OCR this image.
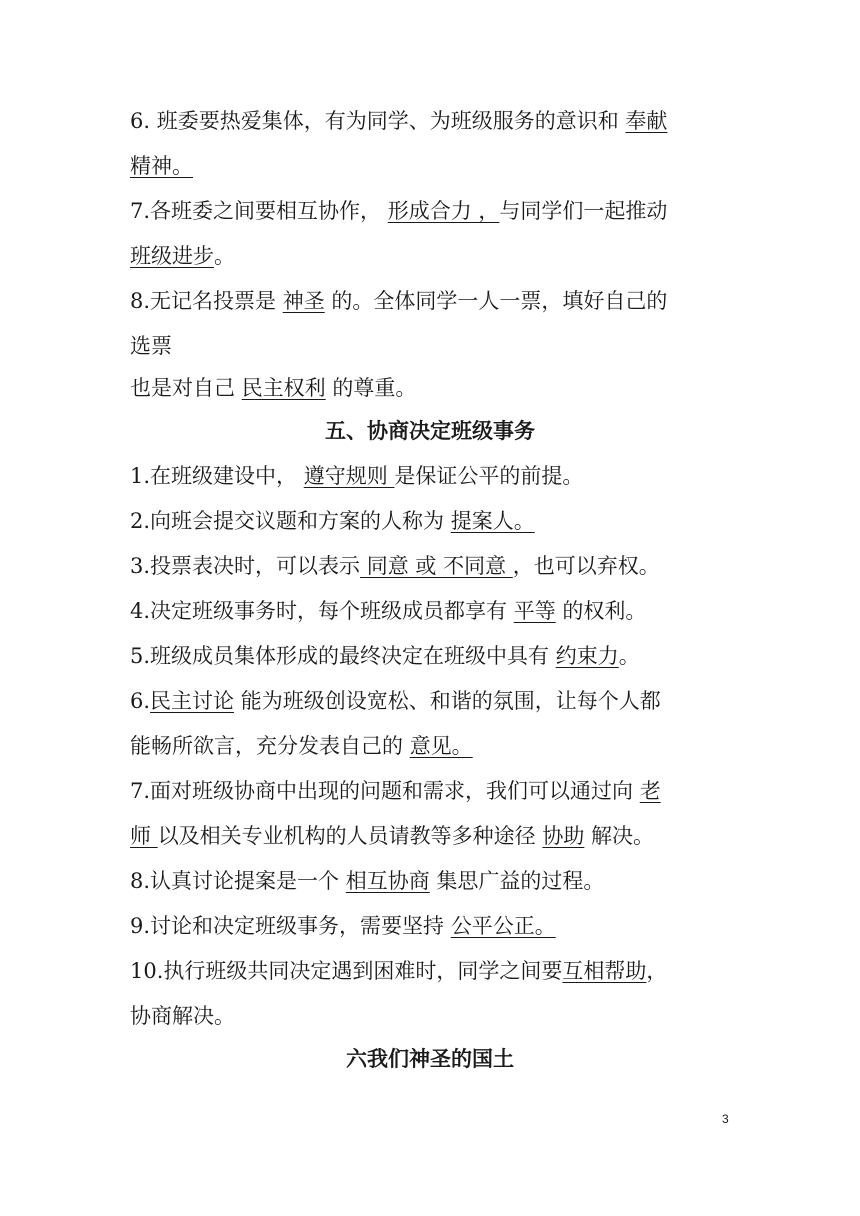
6. 班委要热爱集体，有为同学、为班级服务的意识和 奉献
精神。
7.各班委之间要相互协作， 形成合力 ，与同学们一起推动
班级进步。
8.无记名投票是 神圣 的。全体同学一人一票，填好自己的
选票
也是对自己 民主权利 的尊重。
五、协商决定班级事务
1.在班级建设中， 遵守规则 是保证公平的前提。
2.向班会提交议题和方案的人称为 提案人。
3.投票表决时，可以表示 同意 或 不同意 ，也可以弃权。
4.决定班级事务时，每个班级成员都享有 平等 的权利。
5.班级成员集体形成的最终决定在班级中具有 约束力。
6.民主讨论 能为班级创设宽松、和谐的氛围，让每个人都
能畅所欲言，充分发表自己的 意见。
7.面对班级协商中出现的问题和需求，我们可以通过向 老
师 以及相关专业机构的人员请教等多种途径 协助 解决。
8.认真讨论提案是一个 相互协商 集思广益的过程。
9.讨论和决定班级事务，需要坚持 公平公正。
10.执行班级共同决定遇到困难时，同学之间要互相帮助，
协商解决。
六我们神圣的国土
3
